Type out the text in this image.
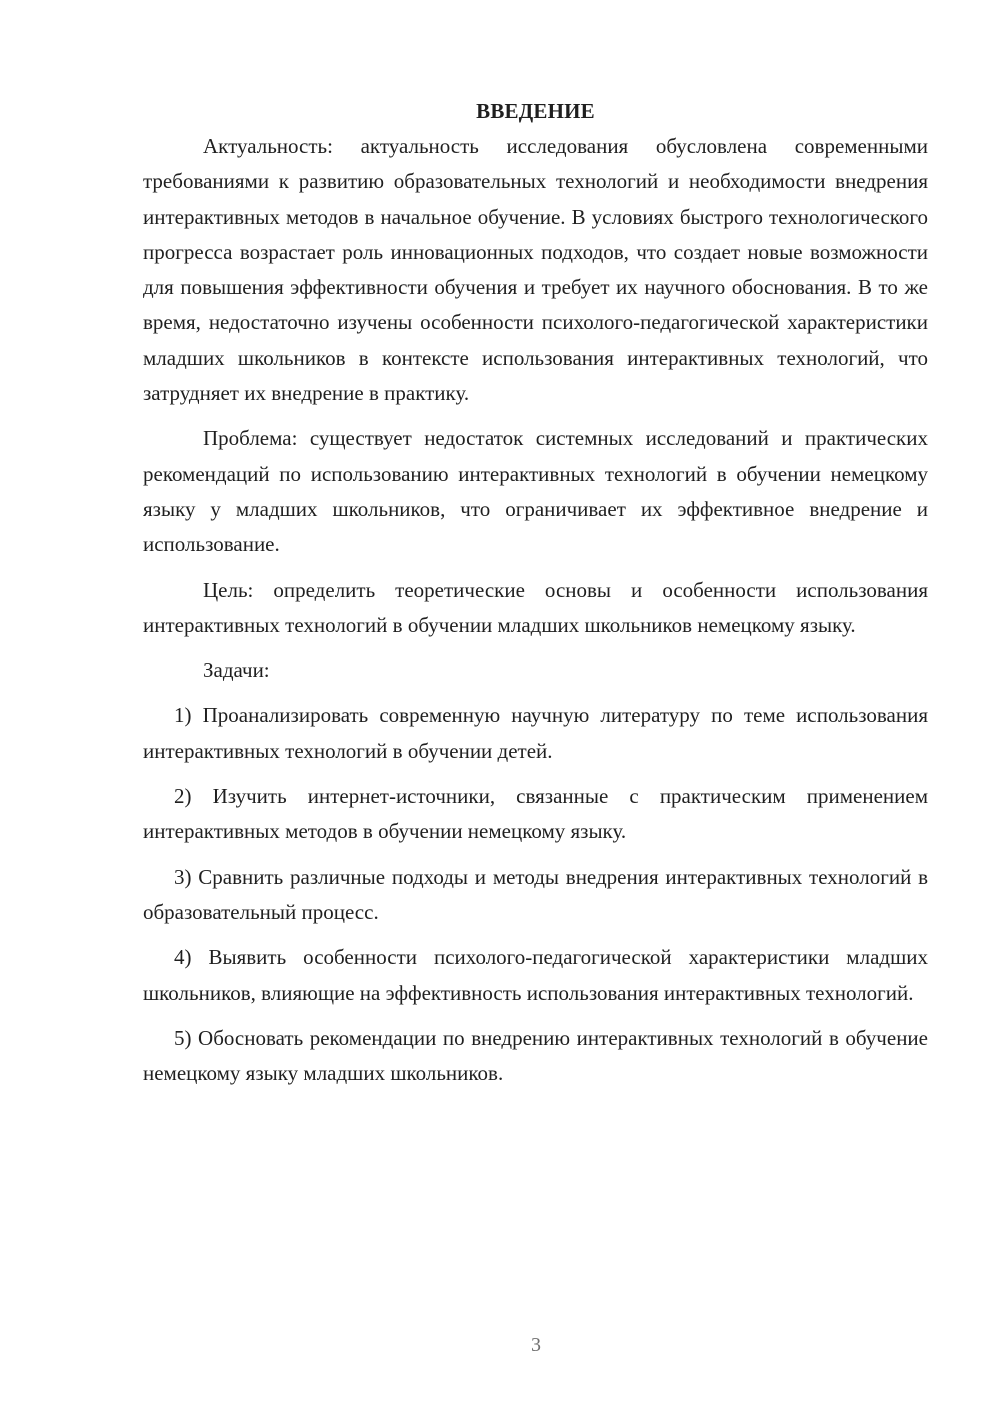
ВВЕДЕНИЕ

Актуальность: актуальность исследования обусловлена современными требованиями к развитию образовательных технологий и необходимости внедрения интерактивных методов в начальное обучение. В условиях быстрого технологического прогресса возрастает роль инновационных подходов, что создает новые возможности для повышения эффективности обучения и требует их научного обоснования. В то же время, недостаточно изучены особенности психолого-педагогической характеристики младших школьников в контексте использования интерактивных технологий, что затрудняет их внедрение в практику.

Проблема: существует недостаток системных исследований и практических рекомендаций по использованию интерактивных технологий в обучении немецкому языку у младших школьников, что ограничивает их эффективное внедрение и использование.

Цель: определить теоретические основы и особенности использования интерактивных технологий в обучении младших школьников немецкому языку.

Задачи:

1) Проанализировать современную научную литературу по теме использования интерактивных технологий в обучении детей.

2) Изучить интернет-источники, связанные с практическим применением интерактивных методов в обучении немецкому языку.

3) Сравнить различные подходы и методы внедрения интерактивных технологий в образовательный процесс.

4) Выявить особенности психолого-педагогической характеристики младших школьников, влияющие на эффективность использования интерактивных технологий.

5) Обосновать рекомендации по внедрению интерактивных технологий в обучение немецкому языку младших школьников.

3
